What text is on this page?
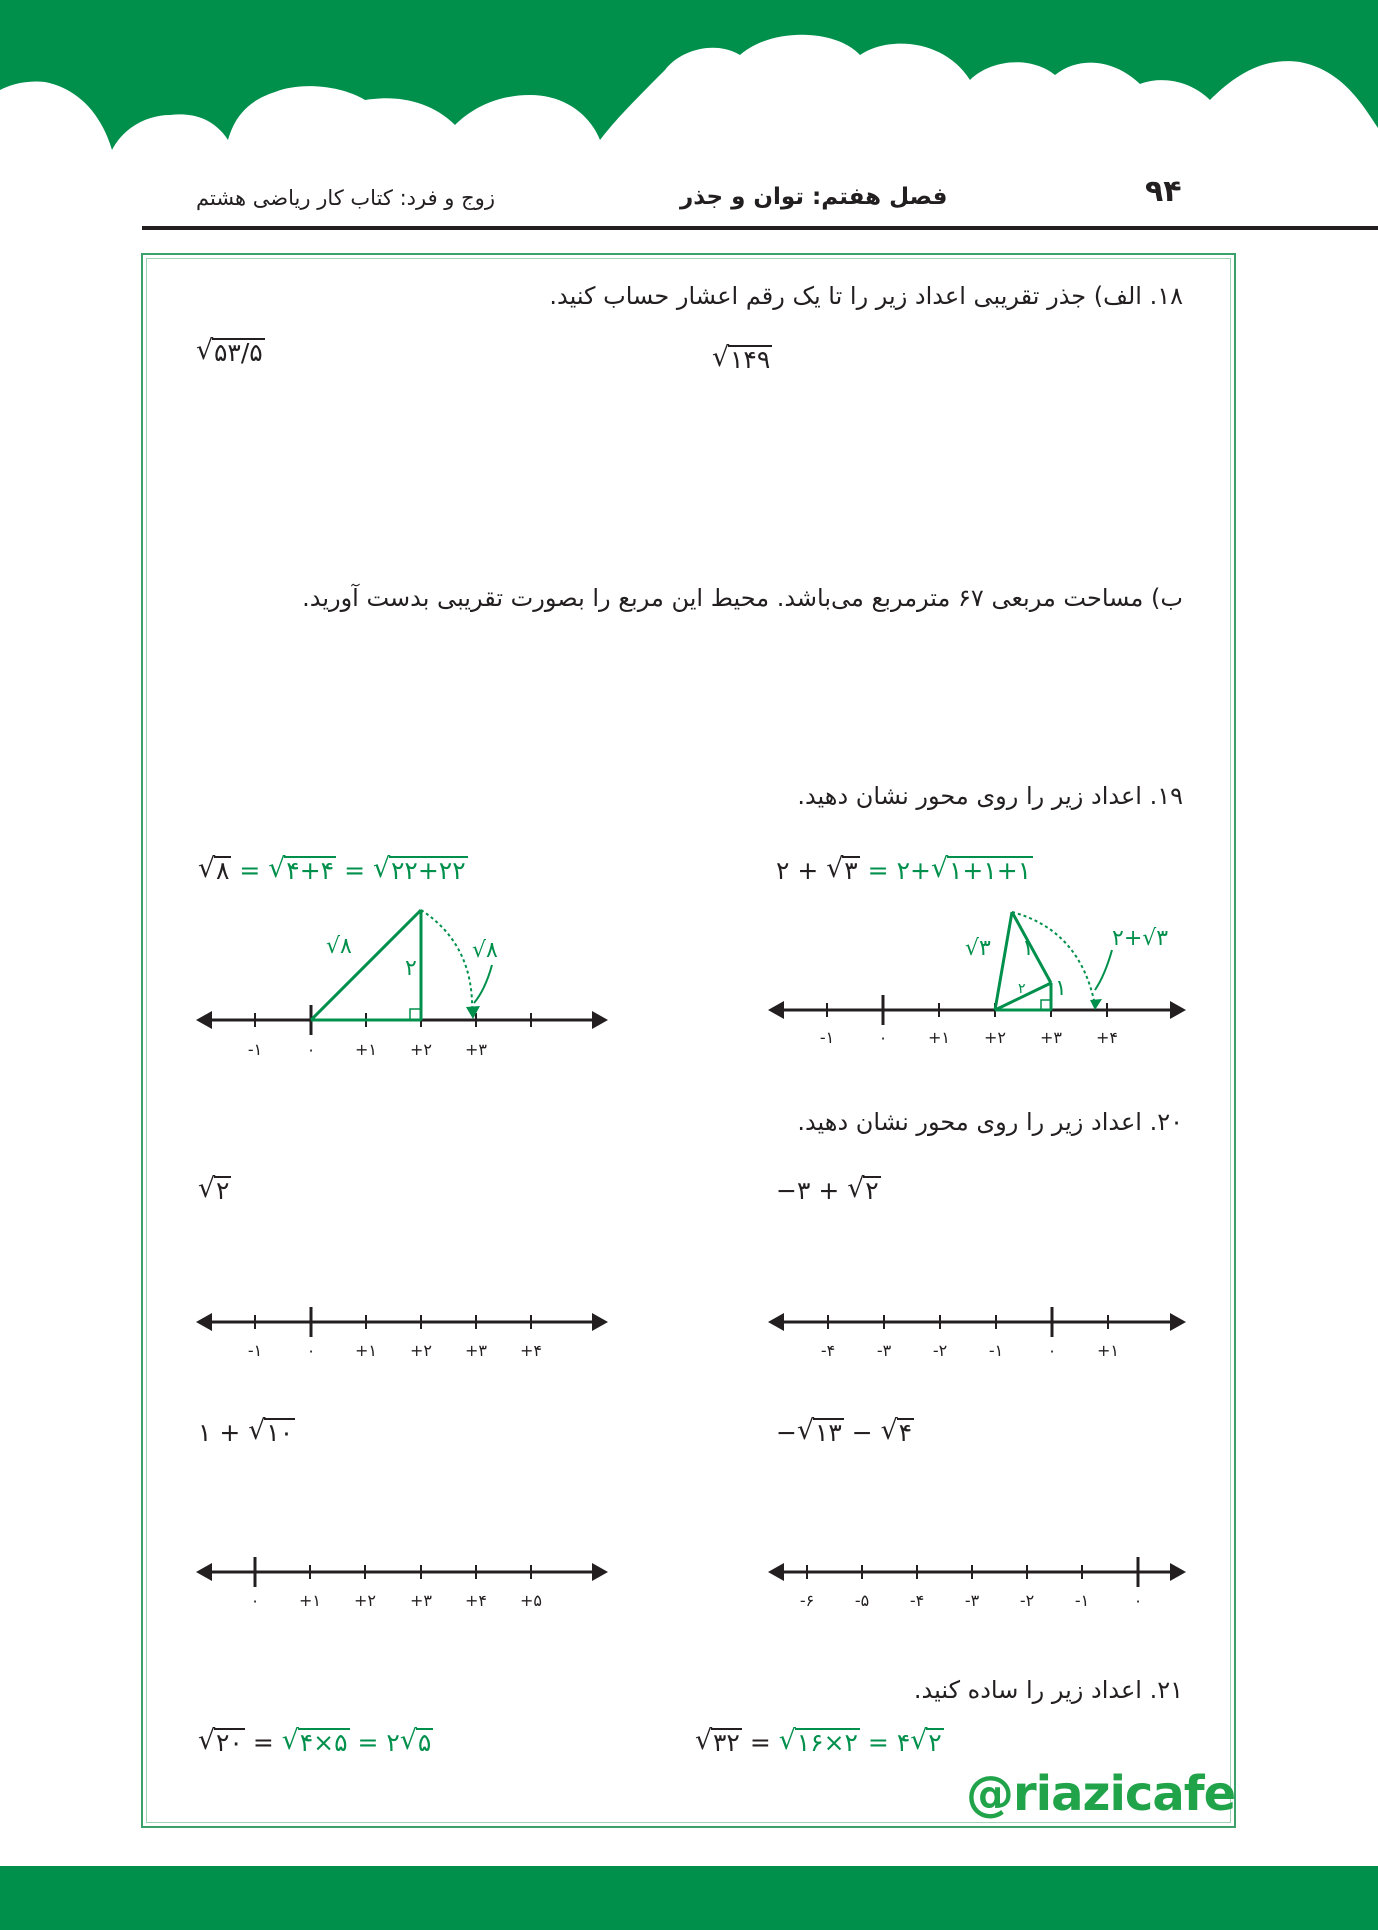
۹۴
فصل هفتم: توان و جذر
زوج و فرد: کتاب کار ریاضی هشتم
۱۸. الف) جذر تقریبی اعداد زیر را تا یک رقم اعشار حساب کنید.
√ ۱۴۹
√ ۵۳/۵
ب) مساحت مربعی ۶۷ مترمربع می‌باشد. محیط این مربع را بصورت تقریبی بدست آورید.
۱۹. اعداد زیر را روی محور نشان دهید.
۲ + √ ۳ = ۲+ √ ۱+۱+۱
√ ۸ = √ ۴+۴ = √ ۲۲+۲۲
-۱	۰	+۱ +۲ +۳ +۴
۱
۱
۲
√۳	۲+√۳
-۱	۰ +۱ +۲ +۳
۲
√۸	√۸
۲۰. اعداد زیر را روی محور نشان دهید.
−۳ + √ ۲
√ ۲
-۴	-۳	-۲	-۱	۰	+۱
-۱	۰ +۱ +۲ +۳ +۴
− √ ۱۳ − √ ۴
۱ + √ ۱۰
-۶	-۵	-۴	-۳	-۲	-۱	۰
۰ +۱ +۲ +۳ +۴ +۵
۲۱. اعداد زیر را ساده کنید.
√ ۳۲ = √ ۱۶×۲ = ۴ √ ۲
√ ۲۰ = √ ۴×۵ = ۲ √ ۵
@riazicafe
